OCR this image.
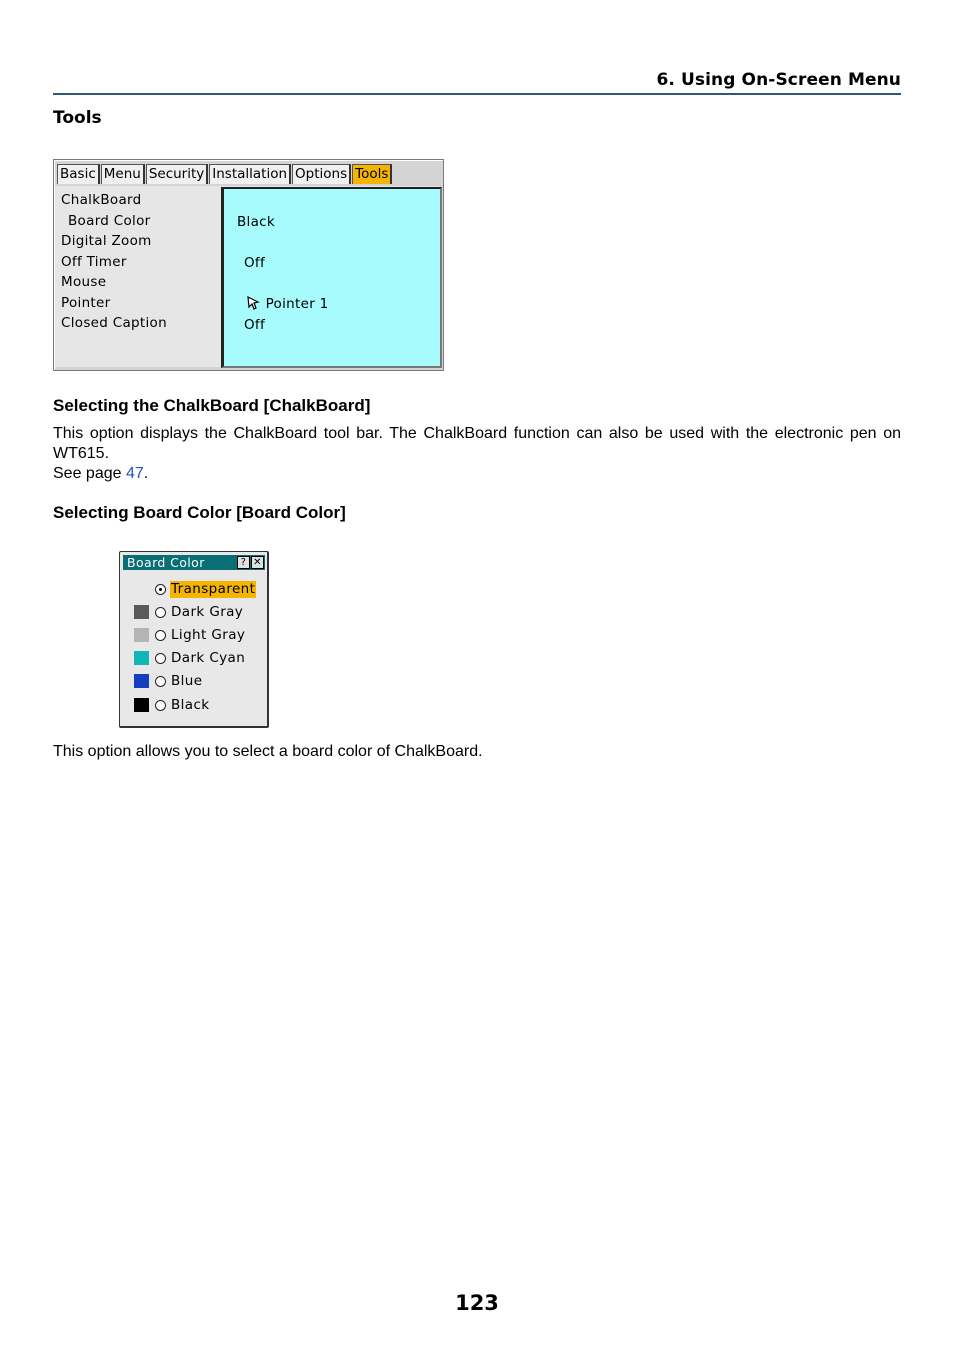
6. Using On-Screen Menu
Tools
Basic Menu Security Installation Options Tools
ChalkBoard
Board Color
Digital Zoom
Off Timer
Mouse
Pointer
Closed Caption
Black
Off
Pointer 1
Off
Selecting the ChalkBoard [ChalkBoard]
This option displays the ChalkBoard tool bar. The ChalkBoard function can also be used with the electronic pen on WT615.
See page 47.
Selecting Board Color [Board Color]
Board Color	? ✕
Transparent
Dark Gray
Light Gray
Dark Cyan
Blue
Black
This option allows you to select a board color of ChalkBoard.
123
